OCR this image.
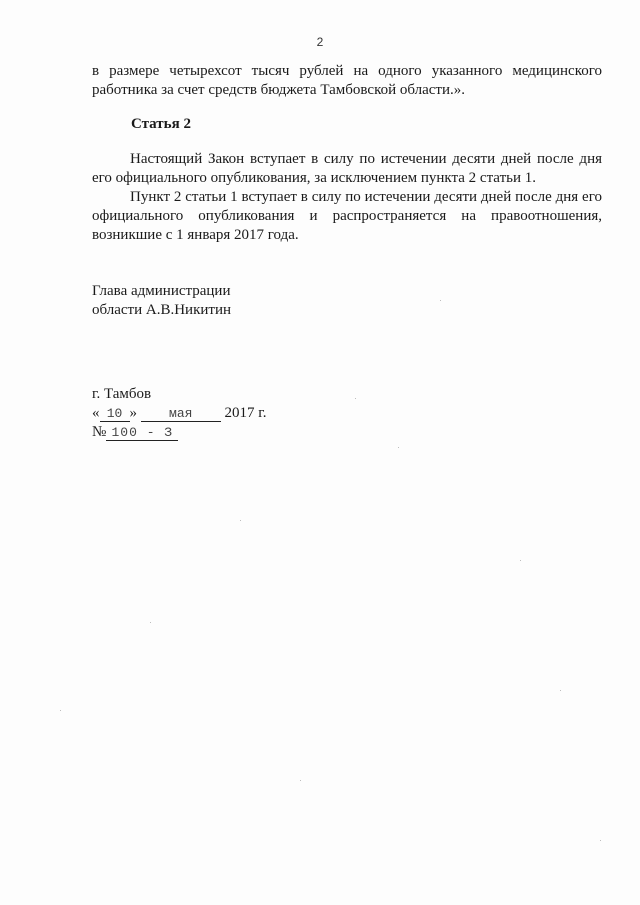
2

в размере четырехсот тысяч рублей на одного указанного медицинского

работника за счет средств бюджета Тамбовской области.».

Статья 2

Настоящий Закон вступает в силу по истечении десяти дней после дня его официального опубликования, за исключением пункта 2 статьи 1.

Пункт 2 статьи 1 вступает в силу по истечении десяти дней после дня его официального опубликования и распространяется на правоотношения, возникшие с 1 января 2017 года.

Глава администрации
области А.В.Никитин
г. Тамбов
« 10 » мая 2017 г.
№ 100 - З
